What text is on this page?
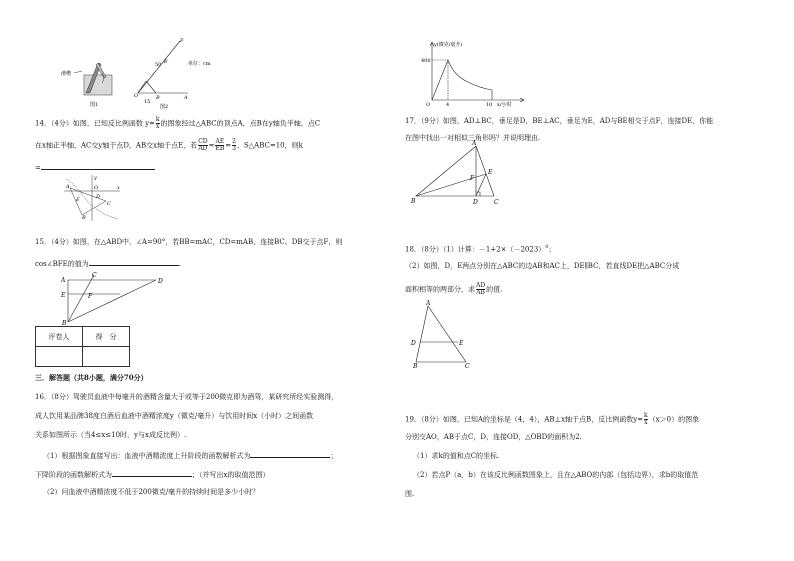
滑槽
图1
F
E
50
O	B	A
15
单位：cm
图2
14．（4分）如图，已知反比例函数 $y= \frac{k}{x}$ 的图象经过△ABC的顶点A，点B在y轴负半轴，点C
在x轴正半轴，AC交y轴于点D，AB交x轴于点E，若 $\frac{CD}{AD} = \frac{AE}{EB} = \frac{2}{3}$ ，S△ABC=10，则k
=
A
E
B
D
C
O	x
y
15．（4分）如图，在△ABD中，∠A=90°，若BB=mAC，CD=mAB，连接BC、DB交于点F，则
cos∠BFE的值为	.
A
C
D
E	F
B
评卷人	得　分

三．解答题（共8小题，满分70分）
16．（8分）驾驶员血液中每毫升的酒精含量大于或等于200微克即为酒驾，某研究所经实验测得，
成人饮用某品牌38度白酒后血液中酒精浓度y（微克/毫升）与饮用时间x（小时）之间函数
关系如图所示（当4≤x≤10时，y与x成反比例）.
（1）根据图象直接写出：血液中酒精浓度上升阶段的函数解析式为	；
下降阶段的函数解析式为	；（并写出x的取值范围）
（2）问血液中酒精浓度不低于200微克/毫升的持续时间是多少小时？
y(微克/毫升)
400
4	10 x/小时
O
17．（9分）如图，AD⊥BC，垂足是D，BE⊥AC，垂足为E，AD与BE相交于点F，连接DE，你能
在图中找出一对相似三角形吗？并说明理由.
A
E
F
B	D	C
18．（8分）（1）计算：$-1+2\times(-2023)^0$；
（2）如图，D，E两点分别在△ABC的边AB和AC上，DE∥BC，若直线DE把△ABC分成
面积相等的两部分，求 $\frac{AD}{AB}$ 的值.
A
D	E
B	C
19．（8分）如图，已知A的坐标是（4，4），AB⊥x轴于点B，反比例函数$y= \frac{k}{x} (x>0)$的图象
分别交AO，AB于点C，D，连接OD，△OBD的面积为2.
（1）求k的值和点C的坐标.
（2）若点P（a，b）在该反比例函数图象上，且在△ABO的内部（包括边界），求b的取值范
围.
